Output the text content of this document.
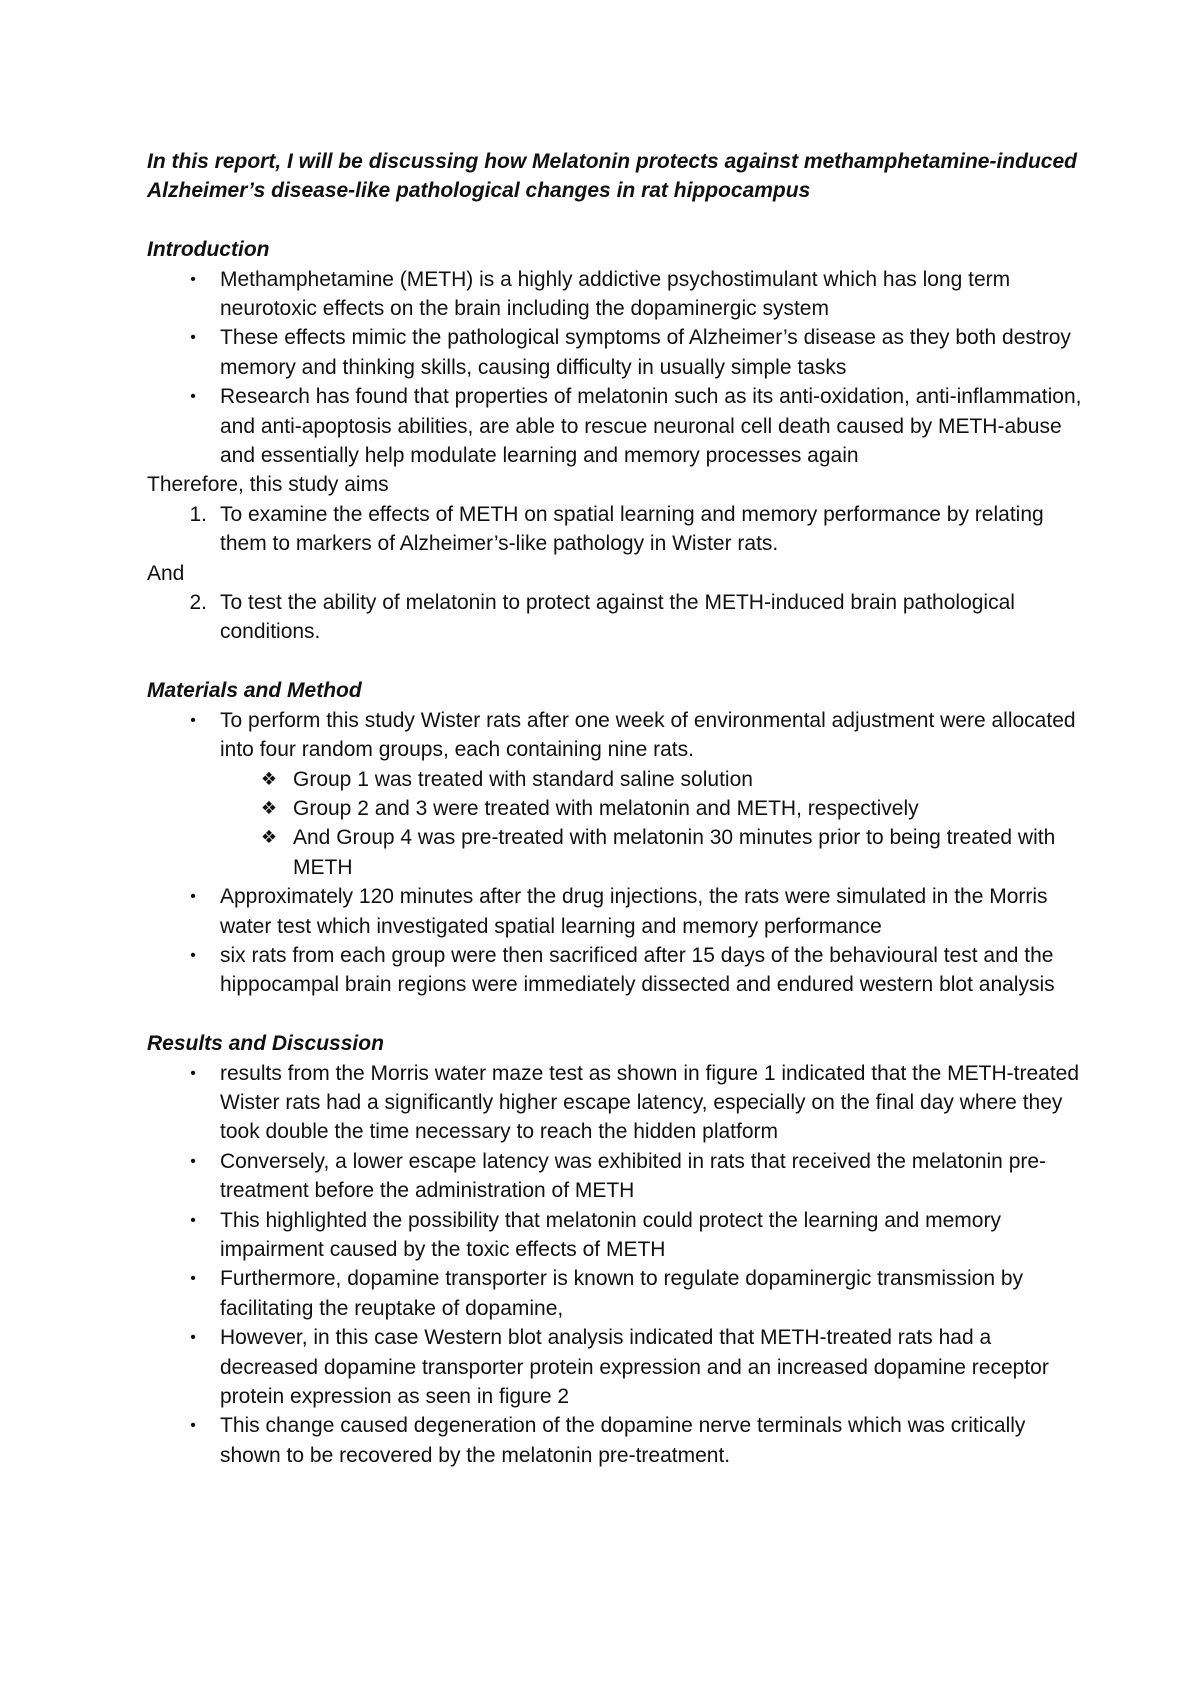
In this report, I will be discussing how Melatonin protects against methamphetamine-induced Alzheimer’s disease-like pathological changes in rat hippocampus

Introduction

•	Methamphetamine (METH) is a highly addictive psychostimulant which has long term neurotoxic effects on the brain including the dopaminergic system
•	These effects mimic the pathological symptoms of Alzheimer’s disease as they both destroy memory and thinking skills, causing difficulty in usually simple tasks
•	Research has found that properties of melatonin such as its anti-oxidation, anti-inflammation, and anti-apoptosis abilities, are able to rescue neuronal cell death caused by METH-abuse and essentially help modulate learning and memory processes again

Therefore, this study aims

1. To examine the effects of METH on spatial learning and memory performance by relating them to markers of Alzheimer’s-like pathology in Wister rats.

And

2. To test the ability of melatonin to protect against the METH-induced brain pathological conditions.

Materials and Method

•	To perform this study Wister rats after one week of environmental adjustment were allocated into four random groups, each containing nine rats.
❖ Group 1 was treated with standard saline solution
❖ Group 2 and 3 were treated with melatonin and METH, respectively
❖ And Group 4 was pre-treated with melatonin 30 minutes prior to being treated with METH
•	Approximately 120 minutes after the drug injections, the rats were simulated in the Morris water test which investigated spatial learning and memory performance
•	six rats from each group were then sacrificed after 15 days of the behavioural test and the hippocampal brain regions were immediately dissected and endured western blot analysis

Results and Discussion

•	results from the Morris water maze test as shown in figure 1 indicated that the METH-treated Wister rats had a significantly higher escape latency, especially on the final day where they took double the time necessary to reach the hidden platform
•	Conversely, a lower escape latency was exhibited in rats that received the melatonin pre-treatment before the administration of METH
•	This highlighted the possibility that melatonin could protect the learning and memory impairment caused by the toxic effects of METH
•	Furthermore, dopamine transporter is known to regulate dopaminergic transmission by facilitating the reuptake of dopamine,
•	However, in this case Western blot analysis indicated that METH-treated rats had a decreased dopamine transporter protein expression and an increased dopamine receptor protein expression as seen in figure 2
•	This change caused degeneration of the dopamine nerve terminals which was critically shown to be recovered by the melatonin pre-treatment.
